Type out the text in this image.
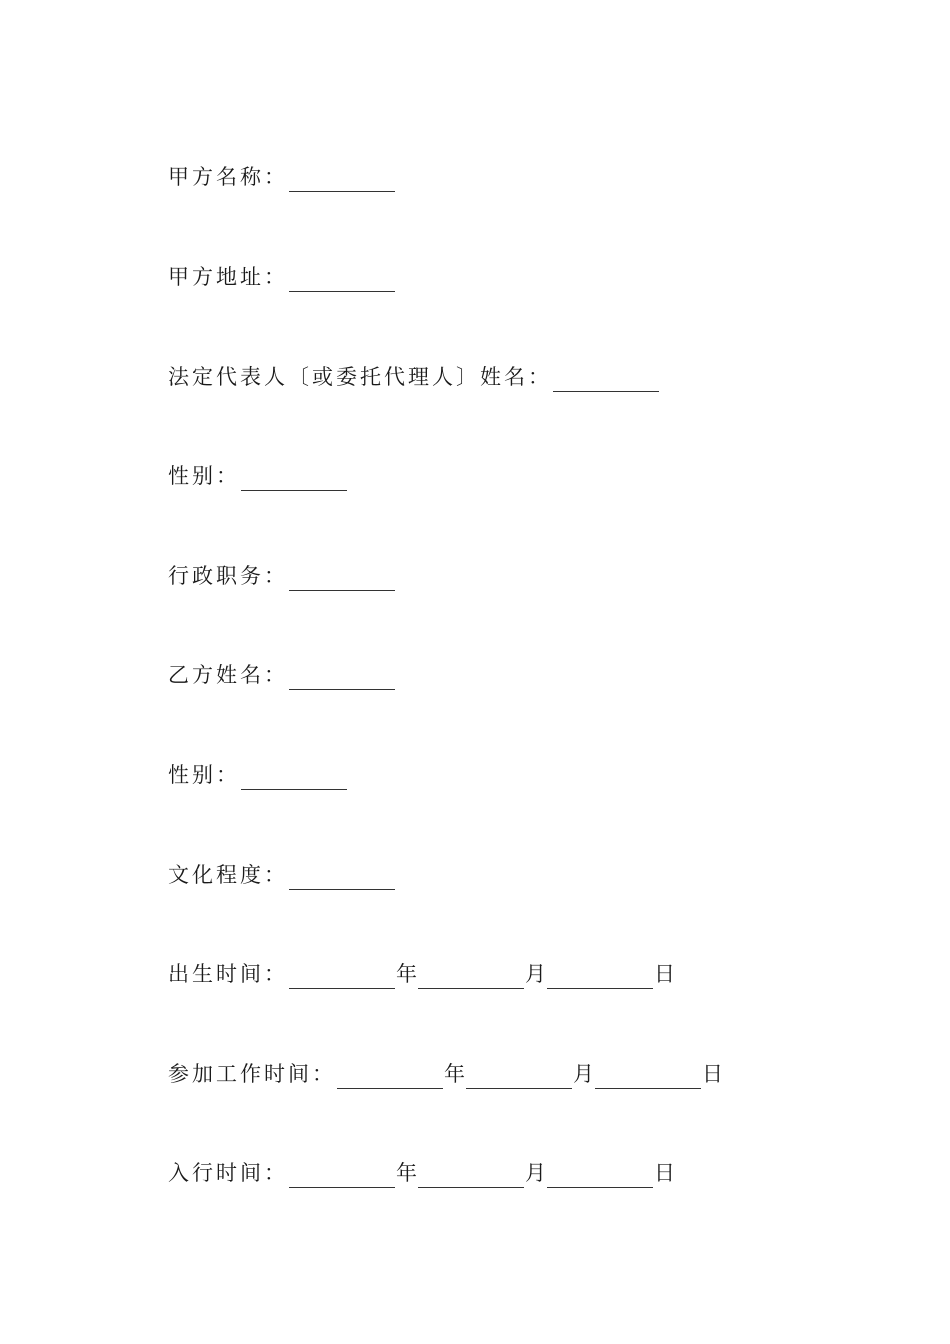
甲方名称：
甲方地址：
法定代表人〔或委托代理人〕姓名：
性别：
行政职务：
乙方姓名：
性别：
文化程度：
出生时间：	年	月	日
参加工作时间：	年	月	日
入行时间：	年	月	日
